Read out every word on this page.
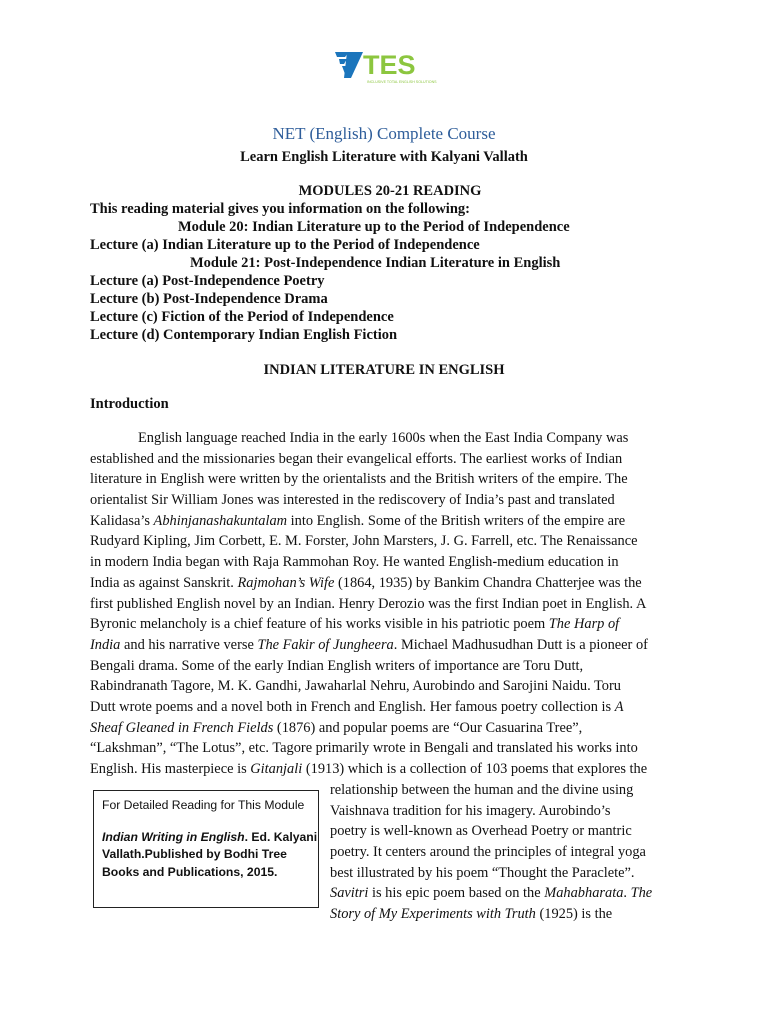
TES
INCLUSIVE TOTAL ENGLISH SOLUTIONS
NET (English) Complete Course
Learn English Literature with Kalyani Vallath
MODULES 20-21 READING
This reading material gives you information on the following:
Module 20: Indian Literature up to the Period of Independence
Lecture (a) Indian Literature up to the Period of Independence
Module 21: Post-Independence Indian Literature in English
Lecture (a) Post-Independence Poetry
Lecture (b) Post-Independence Drama
Lecture (c) Fiction of the Period of Independence
Lecture (d) Contemporary Indian English Fiction
INDIAN LITERATURE IN ENGLISH
Introduction
English language reached India in the early 1600s when the East India Company was
established and the missionaries began their evangelical efforts. The earliest works of Indian
literature in English were written by the orientalists and the British writers of the empire. The
orientalist Sir William Jones was interested in the rediscovery of India’s past and translated
Kalidasa’s Abhinjanashakuntalam into English. Some of the British writers of the empire are
Rudyard Kipling, Jim Corbett, E. M. Forster, John Marsters, J. G. Farrell, etc. The Renaissance
in modern India began with Raja Rammohan Roy. He wanted English-medium education in
India as against Sanskrit. Rajmohan’s Wife (1864, 1935) by Bankim Chandra Chatterjee was the
first published English novel by an Indian. Henry Derozio was the first Indian poet in English. A
Byronic melancholy is a chief feature of his works visible in his patriotic poem The Harp of
India and his narrative verse The Fakir of Jungheera. Michael Madhusudhan Dutt is a pioneer of
Bengali drama. Some of the early Indian English writers of importance are Toru Dutt,
Rabindranath Tagore, M. K. Gandhi, Jawaharlal Nehru, Aurobindo and Sarojini Naidu. Toru
Dutt wrote poems and a novel both in French and English. Her famous poetry collection is A
Sheaf Gleaned in French Fields (1876) and popular poems are “Our Casuarina Tree”,
“Lakshman”, “The Lotus”, etc. Tagore primarily wrote in Bengali and translated his works into
English. His masterpiece is Gitanjali (1913) which is a collection of 103 poems that explores the
relationship between the human and the divine using
Vaishnava tradition for his imagery. Aurobindo’s
poetry is well-known as Overhead Poetry or mantric
poetry. It centers around the principles of integral yoga
best illustrated by his poem “Thought the Paraclete”.
Savitri is his epic poem based on the Mahabharata. The
Story of My Experiments with Truth (1925) is the
For Detailed Reading for This Module
Indian Writing in English. Ed. Kalyani
Vallath.Published by Bodhi Tree
Books and Publications, 2015.
